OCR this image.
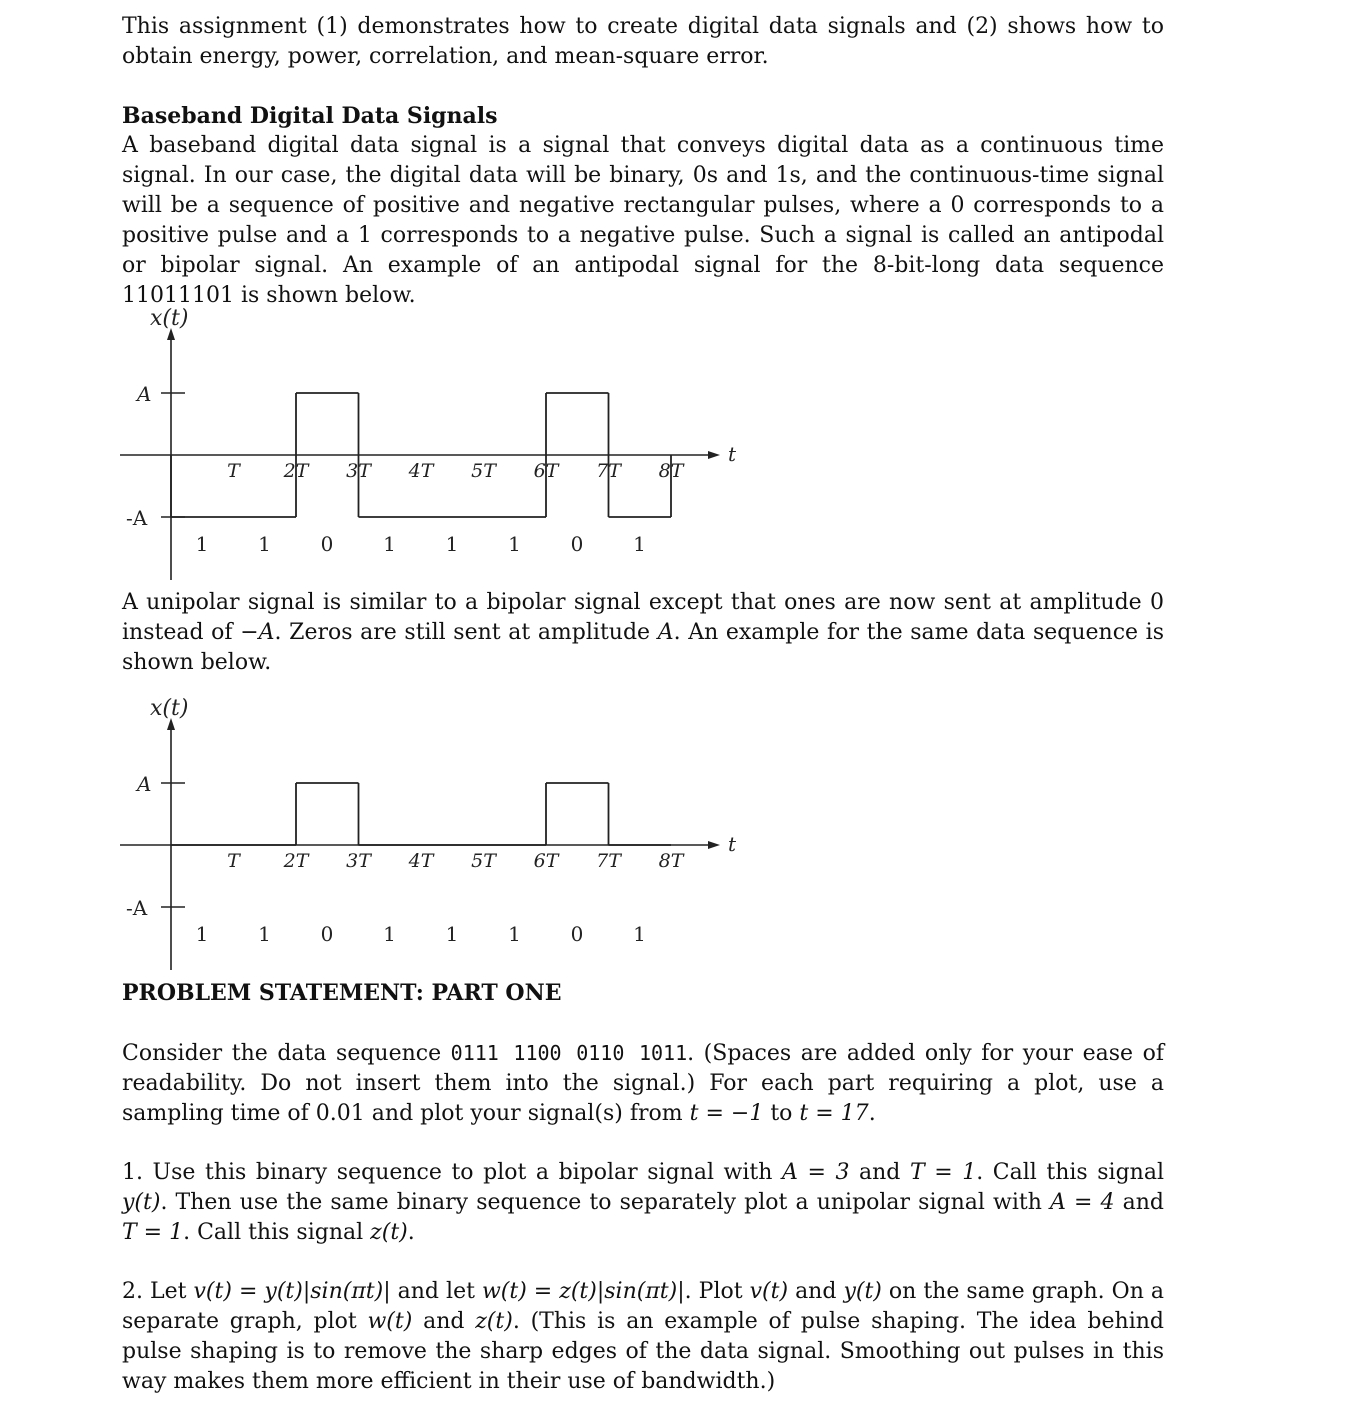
This assignment (1) demonstrates how to create digital data signals and (2) shows how to obtain energy, power, correlation, and mean-square error.
Baseband Digital Data Signals
A baseband digital data signal is a signal that conveys digital data as a continuous time signal. In our case, the digital data will be binary, 0s and 1s, and the continuous-time signal will be a sequence of positive and negative rectangular pulses, where a 0 corresponds to a positive pulse and a 1 corresponds to a negative pulse. Such a signal is called an antipodal or bipolar signal. An example of an antipodal signal for the 8-bit-long data sequence 11011101 is shown below.
x(t)
t
A
-A
T 2T 3T 4T 5T 6T 7T 8T
1 1 0 1 1 1 0 1
A unipolar signal is similar to a bipolar signal except that ones are now sent at amplitude 0 instead of −A. Zeros are still sent at amplitude A. An example for the same data sequence is shown below.
x(t)
t
A
-A
T 2T 3T 4T 5T 6T 7T 8T
1 1 0 1 1 1 0 1
PROBLEM STATEMENT: PART ONE
Consider the data sequence 0111 1100 0110 1011. (Spaces are added only for your ease of readability. Do not insert them into the signal.) For each part requiring a plot, use a sampling time of 0.01 and plot your signal(s) from t = −1 to t = 17.
1. Use this binary sequence to plot a bipolar signal with A = 3 and T = 1. Call this signal y(t). Then use the same binary sequence to separately plot a unipolar signal with A = 4 and T = 1. Call this signal z(t).
2. Let v(t) = y(t)|sin(πt)| and let w(t) = z(t)|sin(πt)|. Plot v(t) and y(t) on the same graph. On a separate graph, plot w(t) and z(t). (This is an example of pulse shaping. The idea behind pulse shaping is to remove the sharp edges of the data signal. Smoothing out pulses in this way makes them more efficient in their use of bandwidth.)
